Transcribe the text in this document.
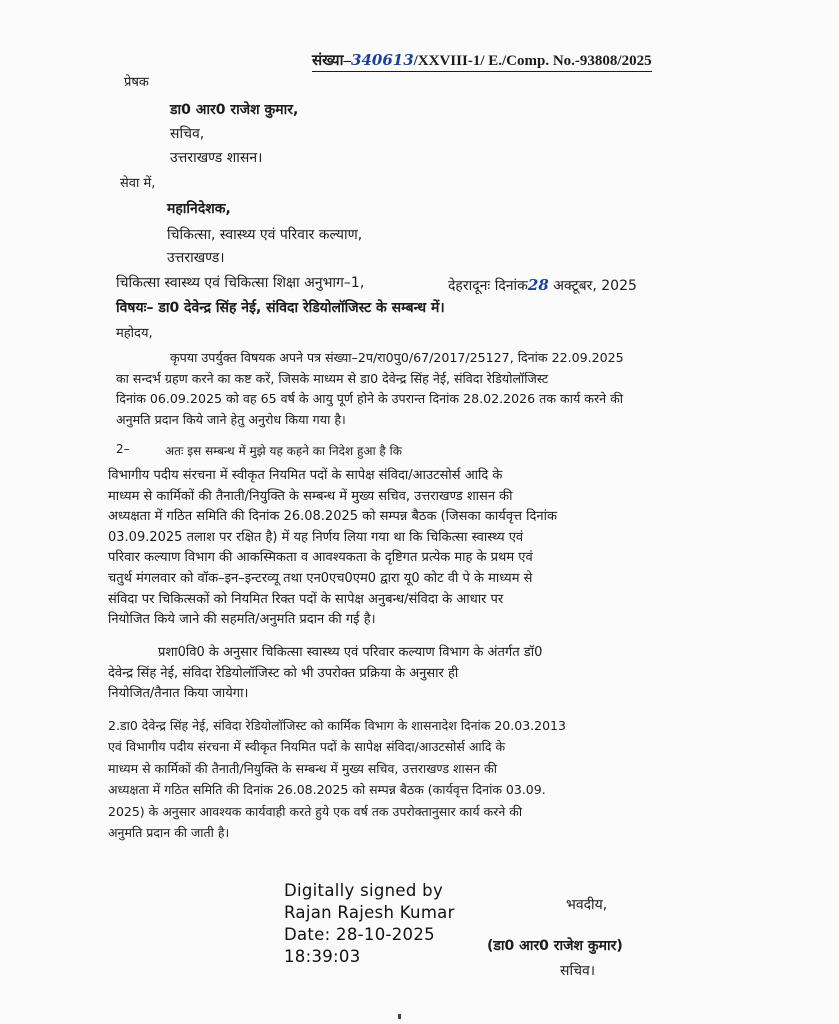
संख्या–340613/XXVIII-1/ E./Comp. No.-93808/2025
प्रेषक
डा0 आर0 राजेश कुमार,
सचिव,
उत्तराखण्ड शासन।
सेवा में,
महानिदेशक,
चिकित्सा, स्वास्थ्य एवं परिवार कल्याण,
उत्तराखण्ड।
चिकित्सा स्वास्थ्य एवं चिकित्सा शिक्षा अनुभाग–1,	देहरादूनः दिनांक28 अक्टूबर, 2025
विषयः– डा0 देवेन्द्र सिंह नेई, संविदा रेडियोलॉजिस्ट के सम्बन्ध में।
महोदय,
कृपया उपर्युक्त विषयक अपने पत्र संख्या–2प/रा0पु0/67/2017/25127, दिनांक 22.09.2025
का सन्दर्भ ग्रहण करने का कष्ट करें, जिसके माध्यम से डा0 देवेन्द्र सिंह नेई, संविदा रेडियोलॉजिस्ट
दिनांक 06.09.2025 को वह 65 वर्ष के आयु पूर्ण होने के उपरान्त दिनांक 28.02.2026 तक कार्य करने की
अनुमति प्रदान किये जाने हेतु अनुरोध किया गया है।
2–	अतः इस सम्बन्ध में मुझे यह कहने का निदेश हुआ है कि
विभागीय पदीय संरचना में स्वीकृत नियमित पदों के सापेक्ष संविदा/आउटसोर्स आदि के
माध्यम से कार्मिकों की तैनाती/नियुक्ति के सम्बन्ध में मुख्य सचिव, उत्तराखण्ड शासन की
अध्यक्षता में गठित समिति की दिनांक 26.08.2025 को सम्पन्न बैठक (जिसका कार्यवृत्त दिनांक
03.09.2025 तलाश पर रक्षित है) में यह निर्णय लिया गया था कि चिकित्सा स्वास्थ्य एवं
परिवार कल्याण विभाग की आकस्मिकता व आवश्यकता के दृष्टिगत प्रत्येक माह के प्रथम एवं
चतुर्थ मंगलवार को वॉक–इन–इन्टरव्यू तथा एन0एच0एम0 द्वारा यू0 कोट वी पे के माध्यम से
संविदा पर चिकित्सकों को नियमित रिक्त पदों के सापेक्ष अनुबन्ध/संविदा के आधार पर
नियोजित किये जाने की सहमति/अनुमति प्रदान की गई है।
प्रशा0वि0 के अनुसार चिकित्सा स्वास्थ्य एवं परिवार कल्याण विभाग के अंतर्गत डॉ0
देवेन्द्र सिंह नेई, संविदा रेडियोलॉजिस्ट को भी उपरोक्त प्रक्रिया के अनुसार ही
नियोजित/तैनात किया जायेगा।
2.डा0 देवेन्द्र सिंह नेई, संविदा रेडियोलॉजिस्ट को कार्मिक विभाग के शासनादेश दिनांक 20.03.2013
एवं विभागीय पदीय संरचना में स्वीकृत नियमित पदों के सापेक्ष संविदा/आउटसोर्स आदि के
माध्यम से कार्मिकों की तैनाती/नियुक्ति के सम्बन्ध में मुख्य सचिव, उत्तराखण्ड शासन की
अध्यक्षता में गठित समिति की दिनांक 26.08.2025 को सम्पन्न बैठक (कार्यवृत्त दिनांक 03.09.
2025) के अनुसार आवश्यक कार्यवाही करते हुये एक वर्ष तक उपरोक्तानुसार कार्य करने की
अनुमति प्रदान की जाती है।
Digitally signed by
Rajan Rajesh Kumar
Date: 28-10-2025
18:39:03
भवदीय,
(डा0 आर0 राजेश कुमार)
सचिव।
